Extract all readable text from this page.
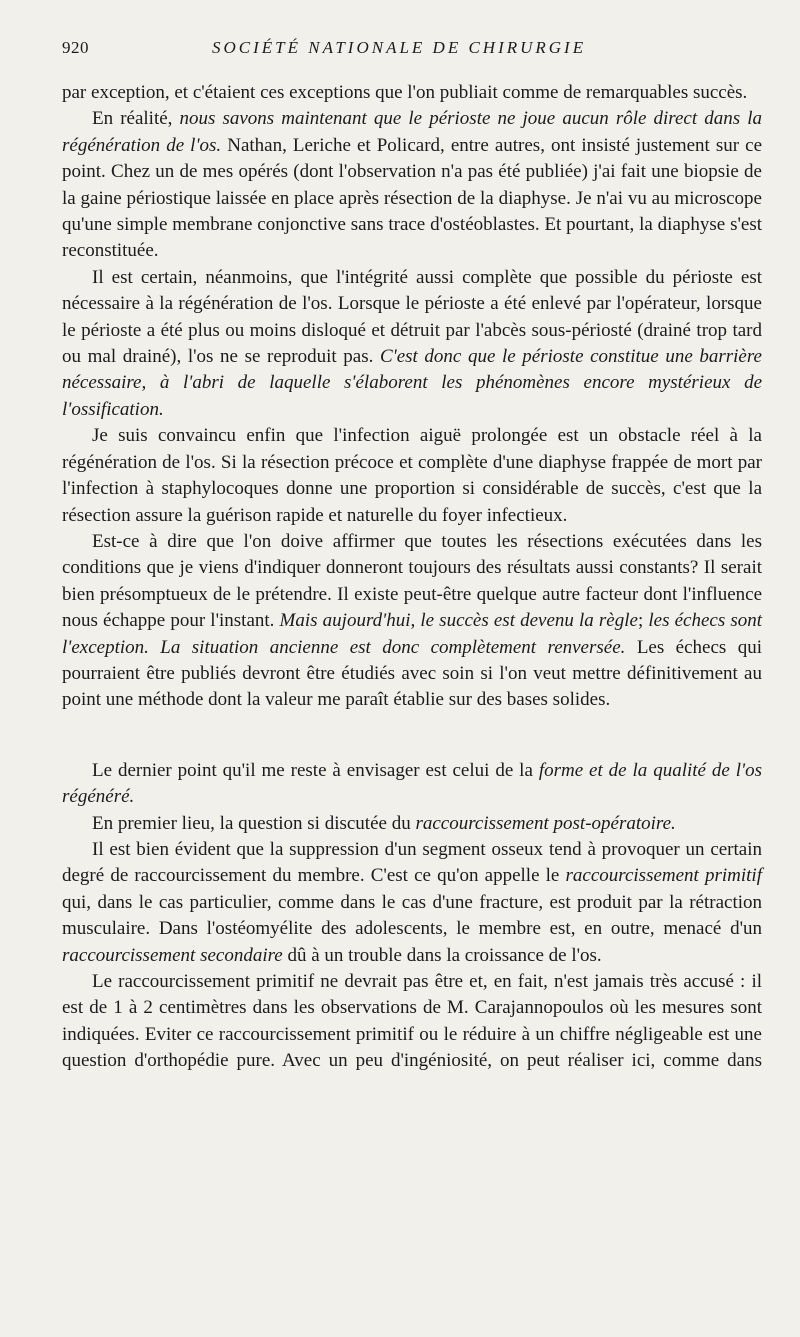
920	SOCIÉTÉ NATIONALE DE CHIRURGIE

par exception, et c'étaient ces exceptions que l'on publiait comme de remarquables succès.

En réalité, nous savons maintenant que le périoste ne joue aucun rôle direct dans la régénération de l'os. Nathan, Leriche et Policard, entre autres, ont insisté justement sur ce point. Chez un de mes opérés (dont l'observation n'a pas été publiée) j'ai fait une biopsie de la gaine périostique laissée en place après résection de la diaphyse. Je n'ai vu au microscope qu'une simple membrane conjonctive sans trace d'ostéoblastes. Et pourtant, la diaphyse s'est reconstituée.

Il est certain, néanmoins, que l'intégrité aussi complète que possible du périoste est nécessaire à la régénération de l'os. Lorsque le périoste a été enlevé par l'opérateur, lorsque le périoste a été plus ou moins disloqué et détruit par l'abcès sous-périosté (drainé trop tard ou mal drainé), l'os ne se reproduit pas. C'est donc que le périoste constitue une barrière nécessaire, à l'abri de laquelle s'élaborent les phénomènes encore mystérieux de l'ossification.

Je suis convaincu enfin que l'infection aiguë prolongée est un obstacle réel à la régénération de l'os. Si la résection précoce et complète d'une diaphyse frappée de mort par l'infection à staphylocoques donne une proportion si considérable de succès, c'est que la résection assure la guérison rapide et naturelle du foyer infectieux.

Est-ce à dire que l'on doive affirmer que toutes les résections exécutées dans les conditions que je viens d'indiquer donneront toujours des résultats aussi constants? Il serait bien présomptueux de le prétendre. Il existe peut-être quelque autre facteur dont l'influence nous échappe pour l'instant. Mais aujourd'hui, le succès est devenu la règle; les échecs sont l'exception. La situation ancienne est donc complètement renversée. Les échecs qui pourraient être publiés devront être étudiés avec soin si l'on veut mettre définitivement au point une méthode dont la valeur me paraît établie sur des bases solides.

Le dernier point qu'il me reste à envisager est celui de la forme et de la qualité de l'os régénéré.

En premier lieu, la question si discutée du raccourcissement post-opératoire.

Il est bien évident que la suppression d'un segment osseux tend à provoquer un certain degré de raccourcissement du membre. C'est ce qu'on appelle le raccourcissement primitif qui, dans le cas particulier, comme dans le cas d'une fracture, est produit par la rétraction musculaire. Dans l'ostéomyélite des adolescents, le membre est, en outre, menacé d'un raccourcissement secondaire dû à un trouble dans la croissance de l'os.

Le raccourcissement primitif ne devrait pas être et, en fait, n'est jamais très accusé : il est de 1 à 2 centimètres dans les observations de M. Carajannopoulos où les mesures sont indiquées. Eviter ce raccourcissement primitif ou le réduire à un chiffre négligeable est une question d'orthopédie pure. Avec un peu d'ingéniosité, on peut réaliser ici, comme dans
